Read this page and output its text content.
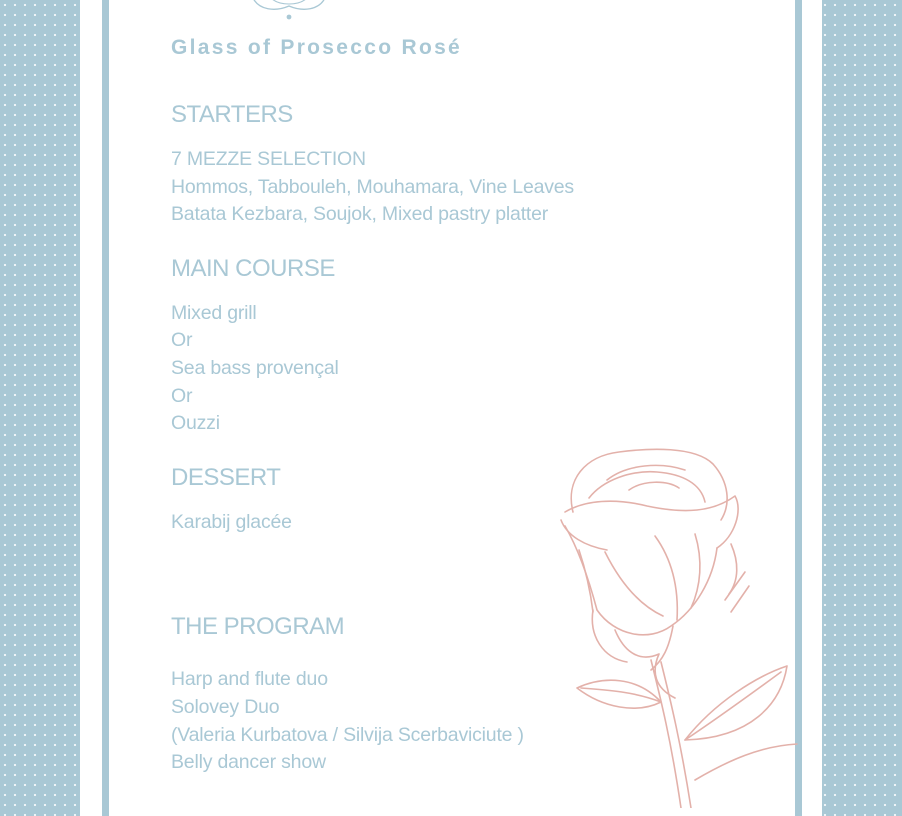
Glass of Prosecco Rosé

STARTERS
7 MEZZE SELECTION
Hommos, Tabbouleh, Mouhamara, Vine Leaves
Batata Kezbara, Soujok, Mixed pastry platter
MAIN COURSE
Mixed grill
Or
Sea bass provençal
Or
Ouzzi
DESSERT
Karabij glacée
THE PROGRAM
Harp and flute duo
Solovey Duo
(Valeria Kurbatova / Silvija Scerbaviciute )
Belly dancer show
